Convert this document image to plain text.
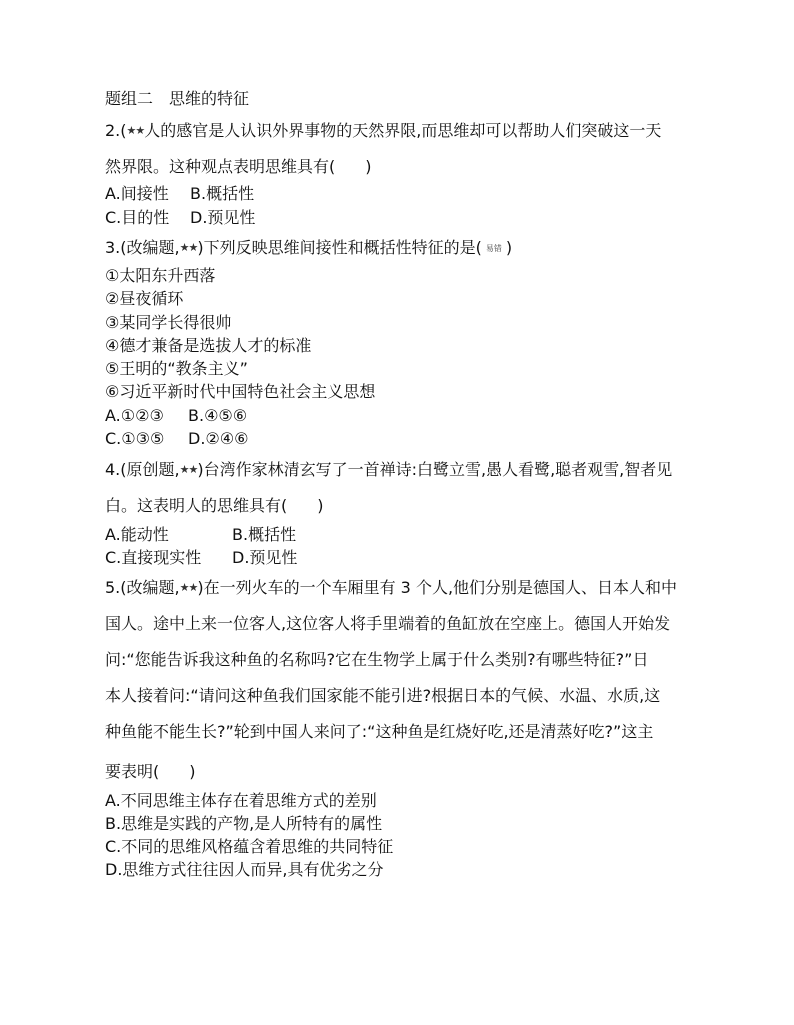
题组二　思维的特征
2.(★★人的感官是人认识外界事物的天然界限,而思维却可以帮助人们突破这一天
然界限。这种观点表明思维具有( )
A.间接性 B.概括性
C.目的性 D.预见性
3.(改编题,★★)下列反映思维间接性和概括性特征的是( 易错 )
①太阳东升西落
②昼夜循环
③某同学长得很帅
④德才兼备是选拔人才的标准
⑤王明的“教条主义”
⑥习近平新时代中国特色社会主义思想
A.①②③ B.④⑤⑥
C.①③⑤ D.②④⑥
4.(原创题,★★)台湾作家林清玄写了一首禅诗:白鹭立雪,愚人看鹭,聪者观雪,智者见
白。这表明人的思维具有( )
A.能动性	B.概括性
C.直接现实性 D.预见性
5.(改编题,★★)在一列火车的一个车厢里有 3 个人,他们分别是德国人、日本人和中
国人。途中上来一位客人,这位客人将手里端着的鱼缸放在空座上。德国人开始发
问:“您能告诉我这种鱼的名称吗?它在生物学上属于什么类别?有哪些特征?”日
本人接着问:“请问这种鱼我们国家能不能引进?根据日本的气候、水温、水质,这
种鱼能不能生长?”轮到中国人来问了:“这种鱼是红烧好吃,还是清蒸好吃?”这主
要表明( )
A.不同思维主体存在着思维方式的差别
B.思维是实践的产物,是人所特有的属性
C.不同的思维风格蕴含着思维的共同特征
D.思维方式往往因人而异,具有优劣之分
